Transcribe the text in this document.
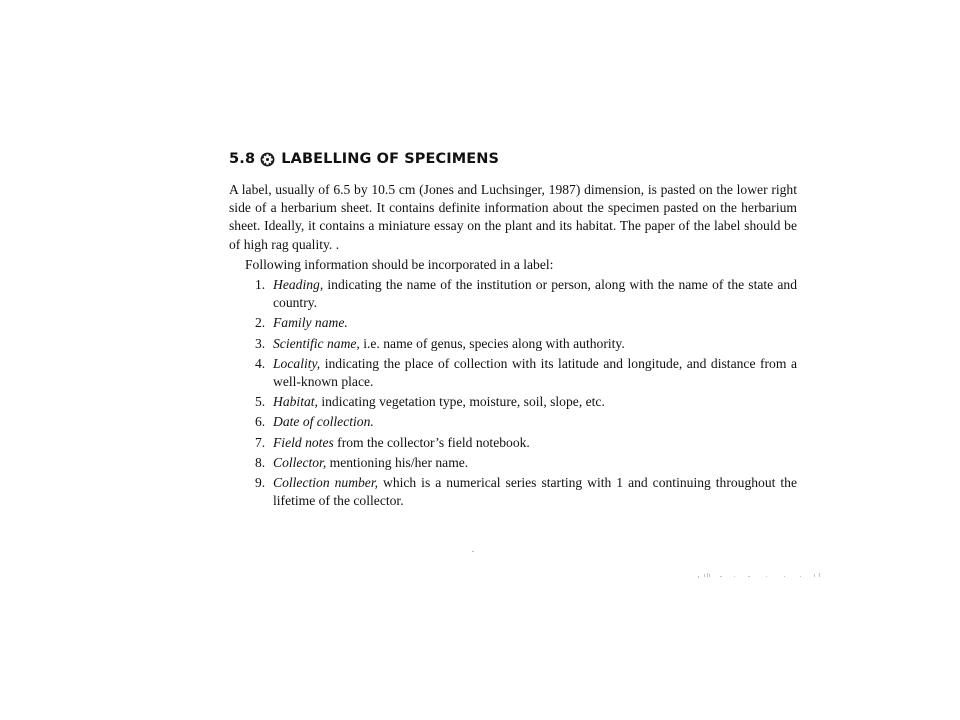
5.8 LABELLING OF SPECIMENS

A label, usually of 6.5 by 10.5 cm (Jones and Luchsinger, 1987) dimension, is pasted on the lower right side of a herbarium sheet. It contains definite information about the specimen pasted on the herbarium sheet. Ideally, it contains a miniature essay on the plant and its habitat. The paper of the label should be of high rag quality. .

Following information should be incorporated in a label:

1. Heading, indicating the name of the institution or person, along with the name of the state and country.
2. Family name.
3. Scientific name, i.e. name of genus, species along with authority.
4. Locality, indicating the place of collection with its latitude and longitude, and distance from a well-known place.
5. Habitat, indicating vegetation type, moisture, soil, slope, etc.
6. Date of collection.
7. Field notes from the collector’s field notebook.
8. Collector, mentioning his/her name.
9. Collection number, which is a numerical series starting with 1 and continuing throughout the lifetime of the collector.
